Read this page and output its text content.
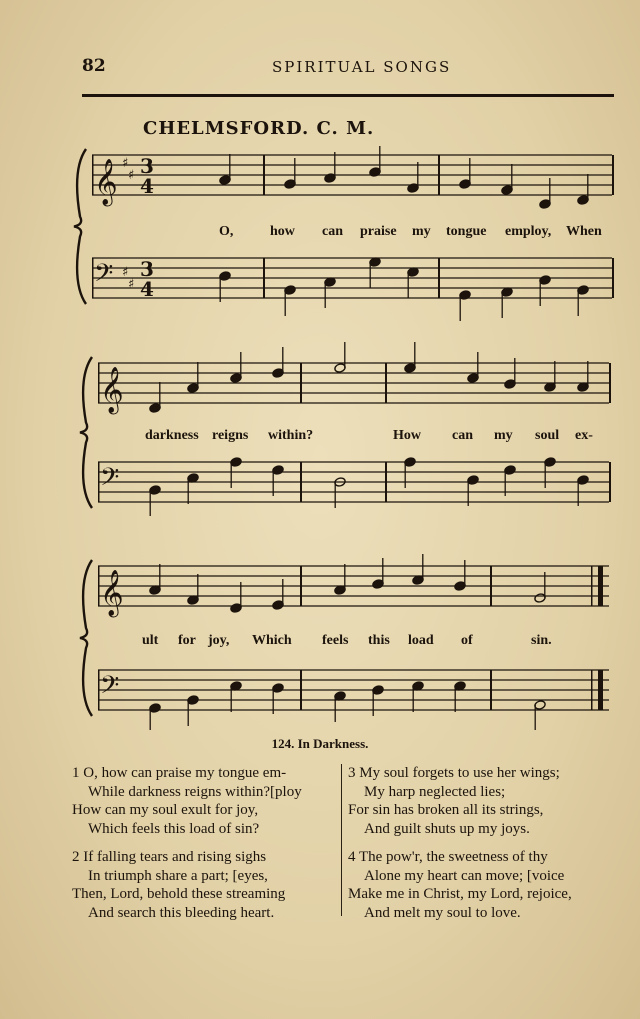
82	SPIRITUAL SONGS
CHELMSFORD. C. M.
𝄞
𝄢
♯
♯
♯
♯
3
4
3
4
𝄞
𝄢
𝄞
𝄢
O,	how can praise my tongue employ, When
darkness reigns within?	How can my soul ex-
ult for joy, Which feels this load of	sin.
124. In Darkness.
1 O, how can praise my tongue em-
While darkness reigns within?[ploy
How can my soul exult for joy,
Which feels this load of sin?
2 If falling tears and rising sighs
In triumph share a part; [eyes,
Then, Lord, behold these streaming
And search this bleeding heart.
3 My soul forgets to use her wings;
My harp neglected lies;
For sin has broken all its strings,
And guilt shuts up my joys.
4 The pow'r, the sweetness of thy
Alone my heart can move; [voice
Make me in Christ, my Lord, rejoice,
And melt my soul to love.
